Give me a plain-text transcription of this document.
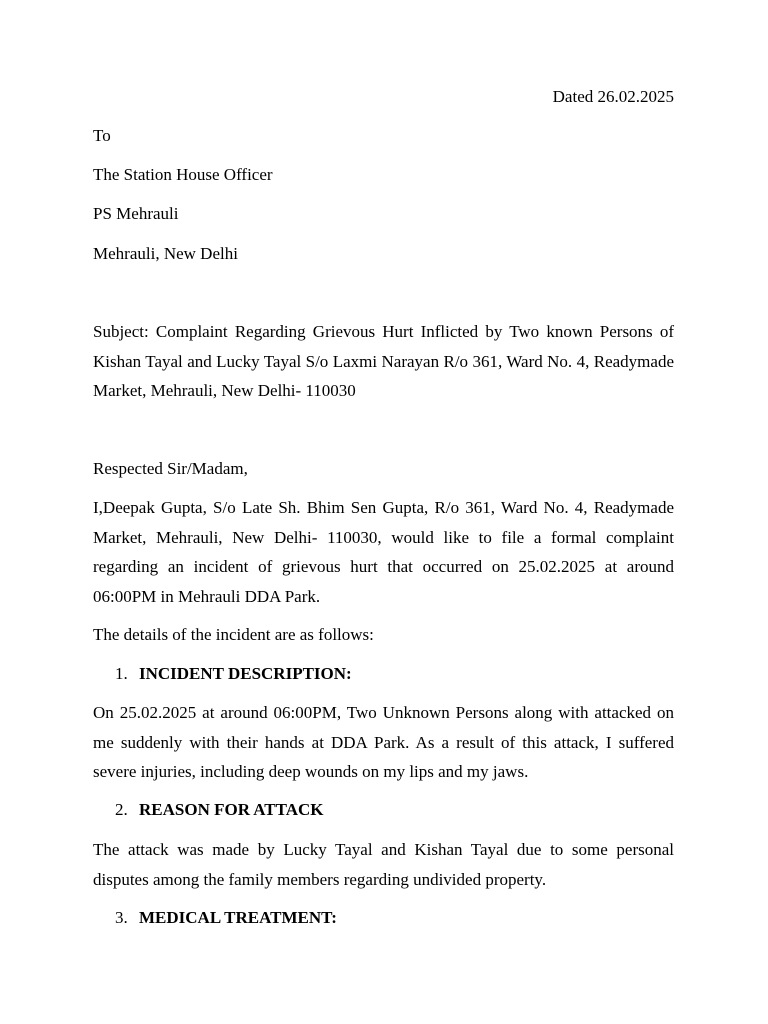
Dated 26.02.2025
To
The Station House Officer
PS Mehrauli
Mehrauli, New Delhi
Subject: Complaint Regarding Grievous Hurt Inflicted by Two known Persons of Kishan Tayal and Lucky Tayal S/o Laxmi Narayan R/o 361, Ward No. 4, Readymade Market, Mehrauli, New Delhi- 110030
Respected Sir/Madam,
I,Deepak Gupta, S/o Late Sh. Bhim Sen Gupta, R/o 361, Ward No. 4, Readymade Market, Mehrauli, New Delhi- 110030, would like to file a formal complaint regarding an incident of grievous hurt that occurred on 25.02.2025 at around 06:00PM in Mehrauli DDA Park.
The details of the incident are as follows:
1. INCIDENT DESCRIPTION:
On 25.02.2025 at around 06:00PM, Two Unknown Persons along with attacked on me suddenly with their hands at DDA Park. As a result of this attack, I suffered severe injuries, including deep wounds on my lips and my jaws.
2. REASON FOR ATTACK
The attack was made by Lucky Tayal and Kishan Tayal due to some personal disputes among the family members regarding undivided property.
3. MEDICAL TREATMENT:
